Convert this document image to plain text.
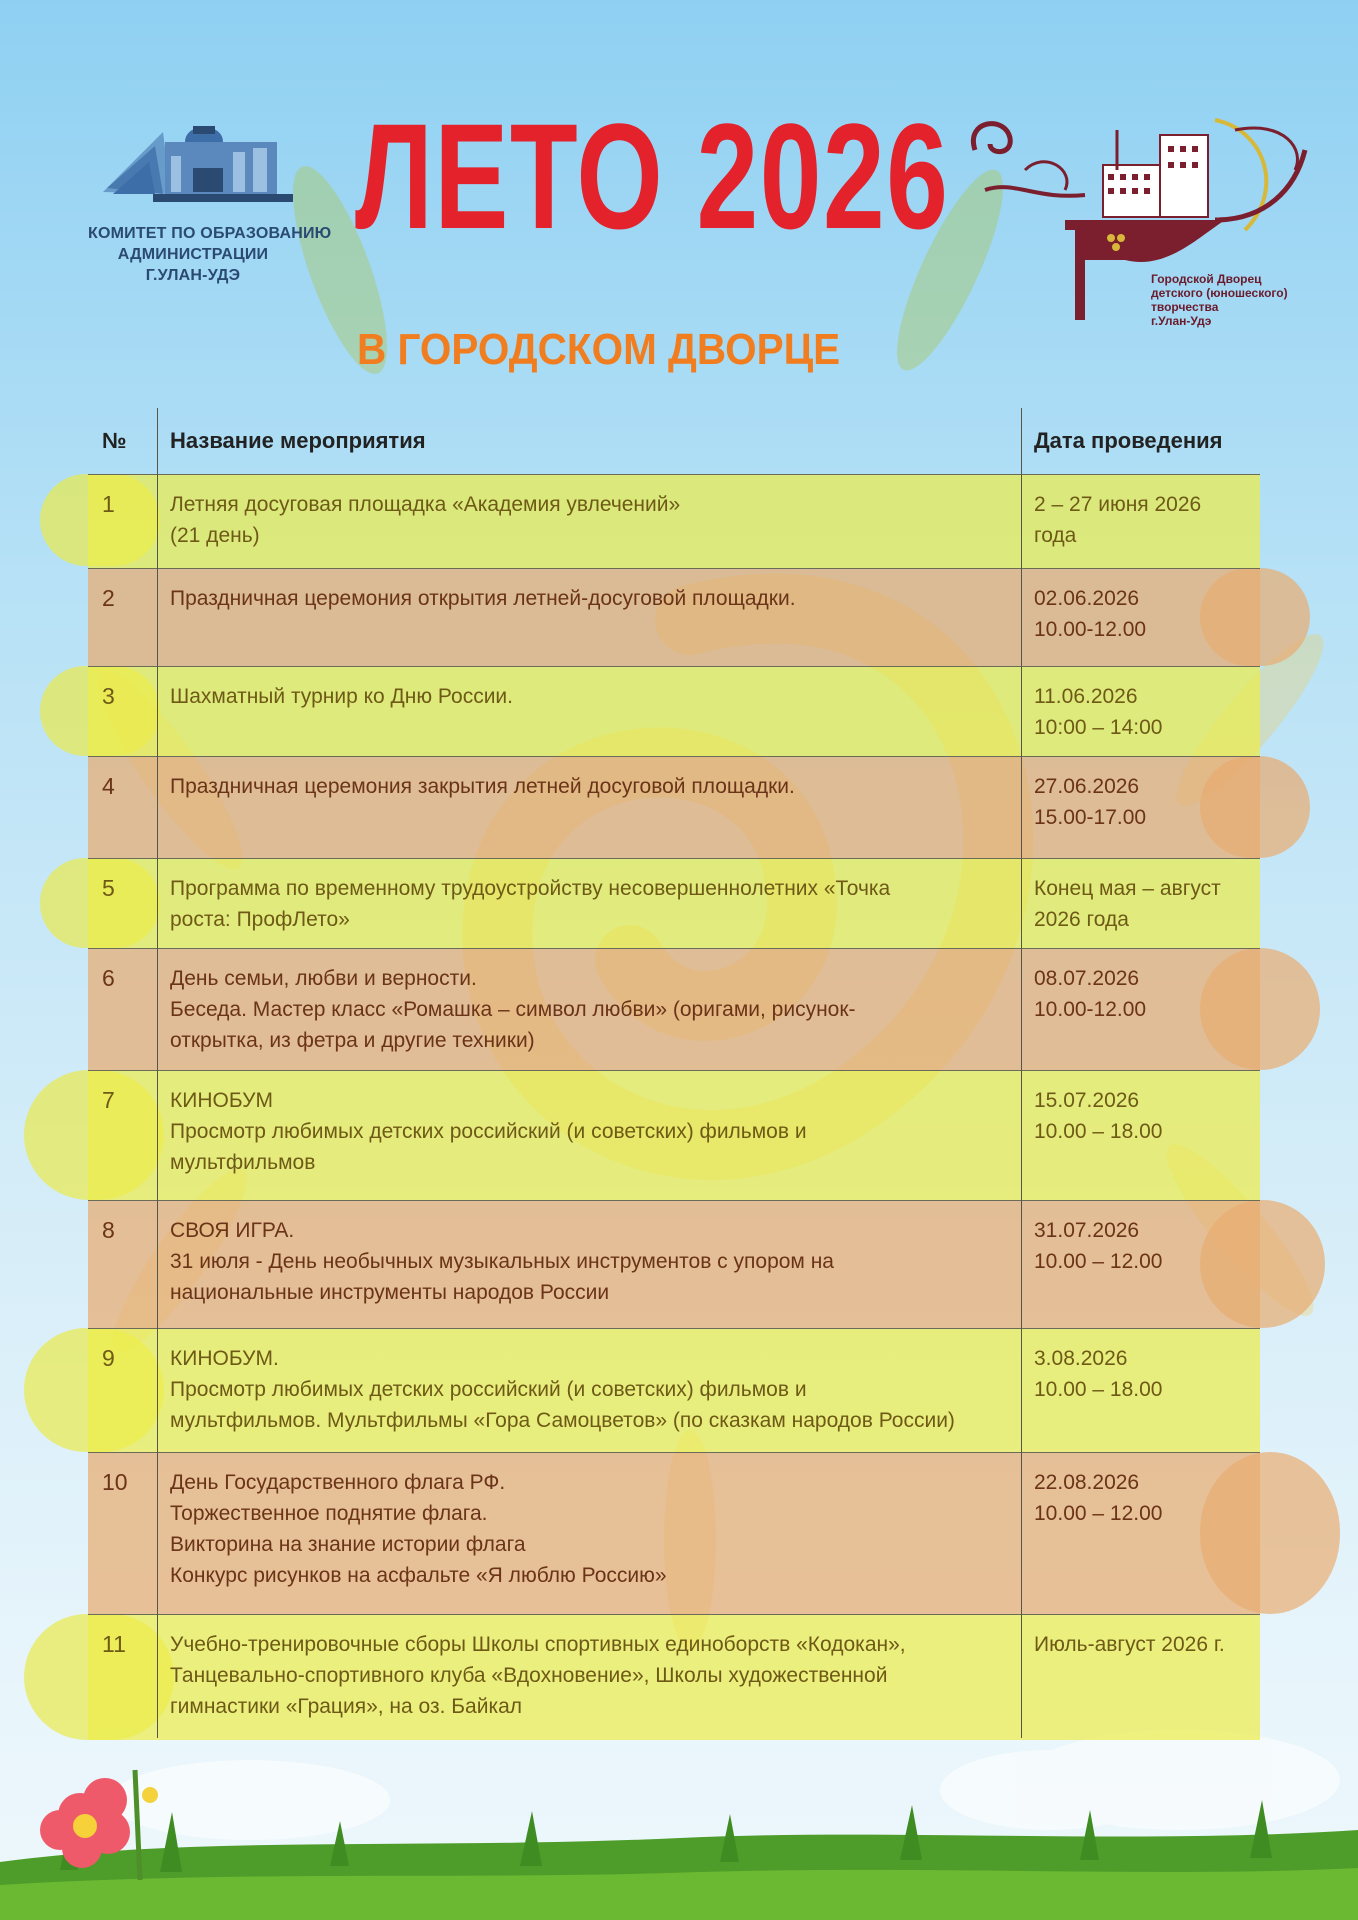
КОМИТЕТ ПО ОБРАЗОВАНИЮ
АДМИНИСТРАЦИИ
Г.УЛАН-УДЭ
ЛЕТО 2026
В ГОРОДСКОМ ДВОРЦЕ
Городской Дворец
детского (юношеского)
творчества
г.Улан-Удэ
№	Название мероприятия	Дата проведения
1	Летняя досуговая площадка «Академия увлечений»
(21 день)
2 – 27 июня 2026
года
2	Праздничная церемония открытия летней-досуговой площадки.	02.06.2026
10.00-12.00
3	Шахматный турнир ко Дню России.	11.06.2026
10:00 – 14:00
4	Праздничная церемония закрытия летней досуговой площадки.	27.06.2026
15.00-17.00
5	Программа по временному трудоустройству несовершеннолетних «Точка
роста: ПрофЛето»
Конец мая – август
2026 года
6	День семьи, любви и верности.
Беседа. Мастер класс «Ромашка – символ любви» (оригами, рисунок-
открытка, из фетра и другие техники)
08.07.2026
10.00-12.00
7	КИНОБУМ
Просмотр любимых детских российский (и советских) фильмов и
мультфильмов
15.07.2026
10.00 – 18.00
8	СВОЯ ИГРА.
31 июля - День необычных музыкальных инструментов с упором на
национальные инструменты народов России
31.07.2026
10.00 – 12.00
9	КИНОБУМ.
Просмотр любимых детских российский (и советских) фильмов и
мультфильмов. Мультфильмы «Гора Самоцветов» (по сказкам народов России)
3.08.2026
10.00 – 18.00
10	День Государственного флага РФ.
Торжественное поднятие флага.
Викторина на знание истории флага
Конкурс рисунков на асфальте «Я люблю Россию»
22.08.2026
10.00 – 12.00
11	Учебно-тренировочные сборы Школы спортивных единоборств «Кодокан»,
Танцевально-спортивного клуба «Вдохновение», Школы художественной
гимнастики «Грация», на оз. Байкал
Июль-август 2026 г.
